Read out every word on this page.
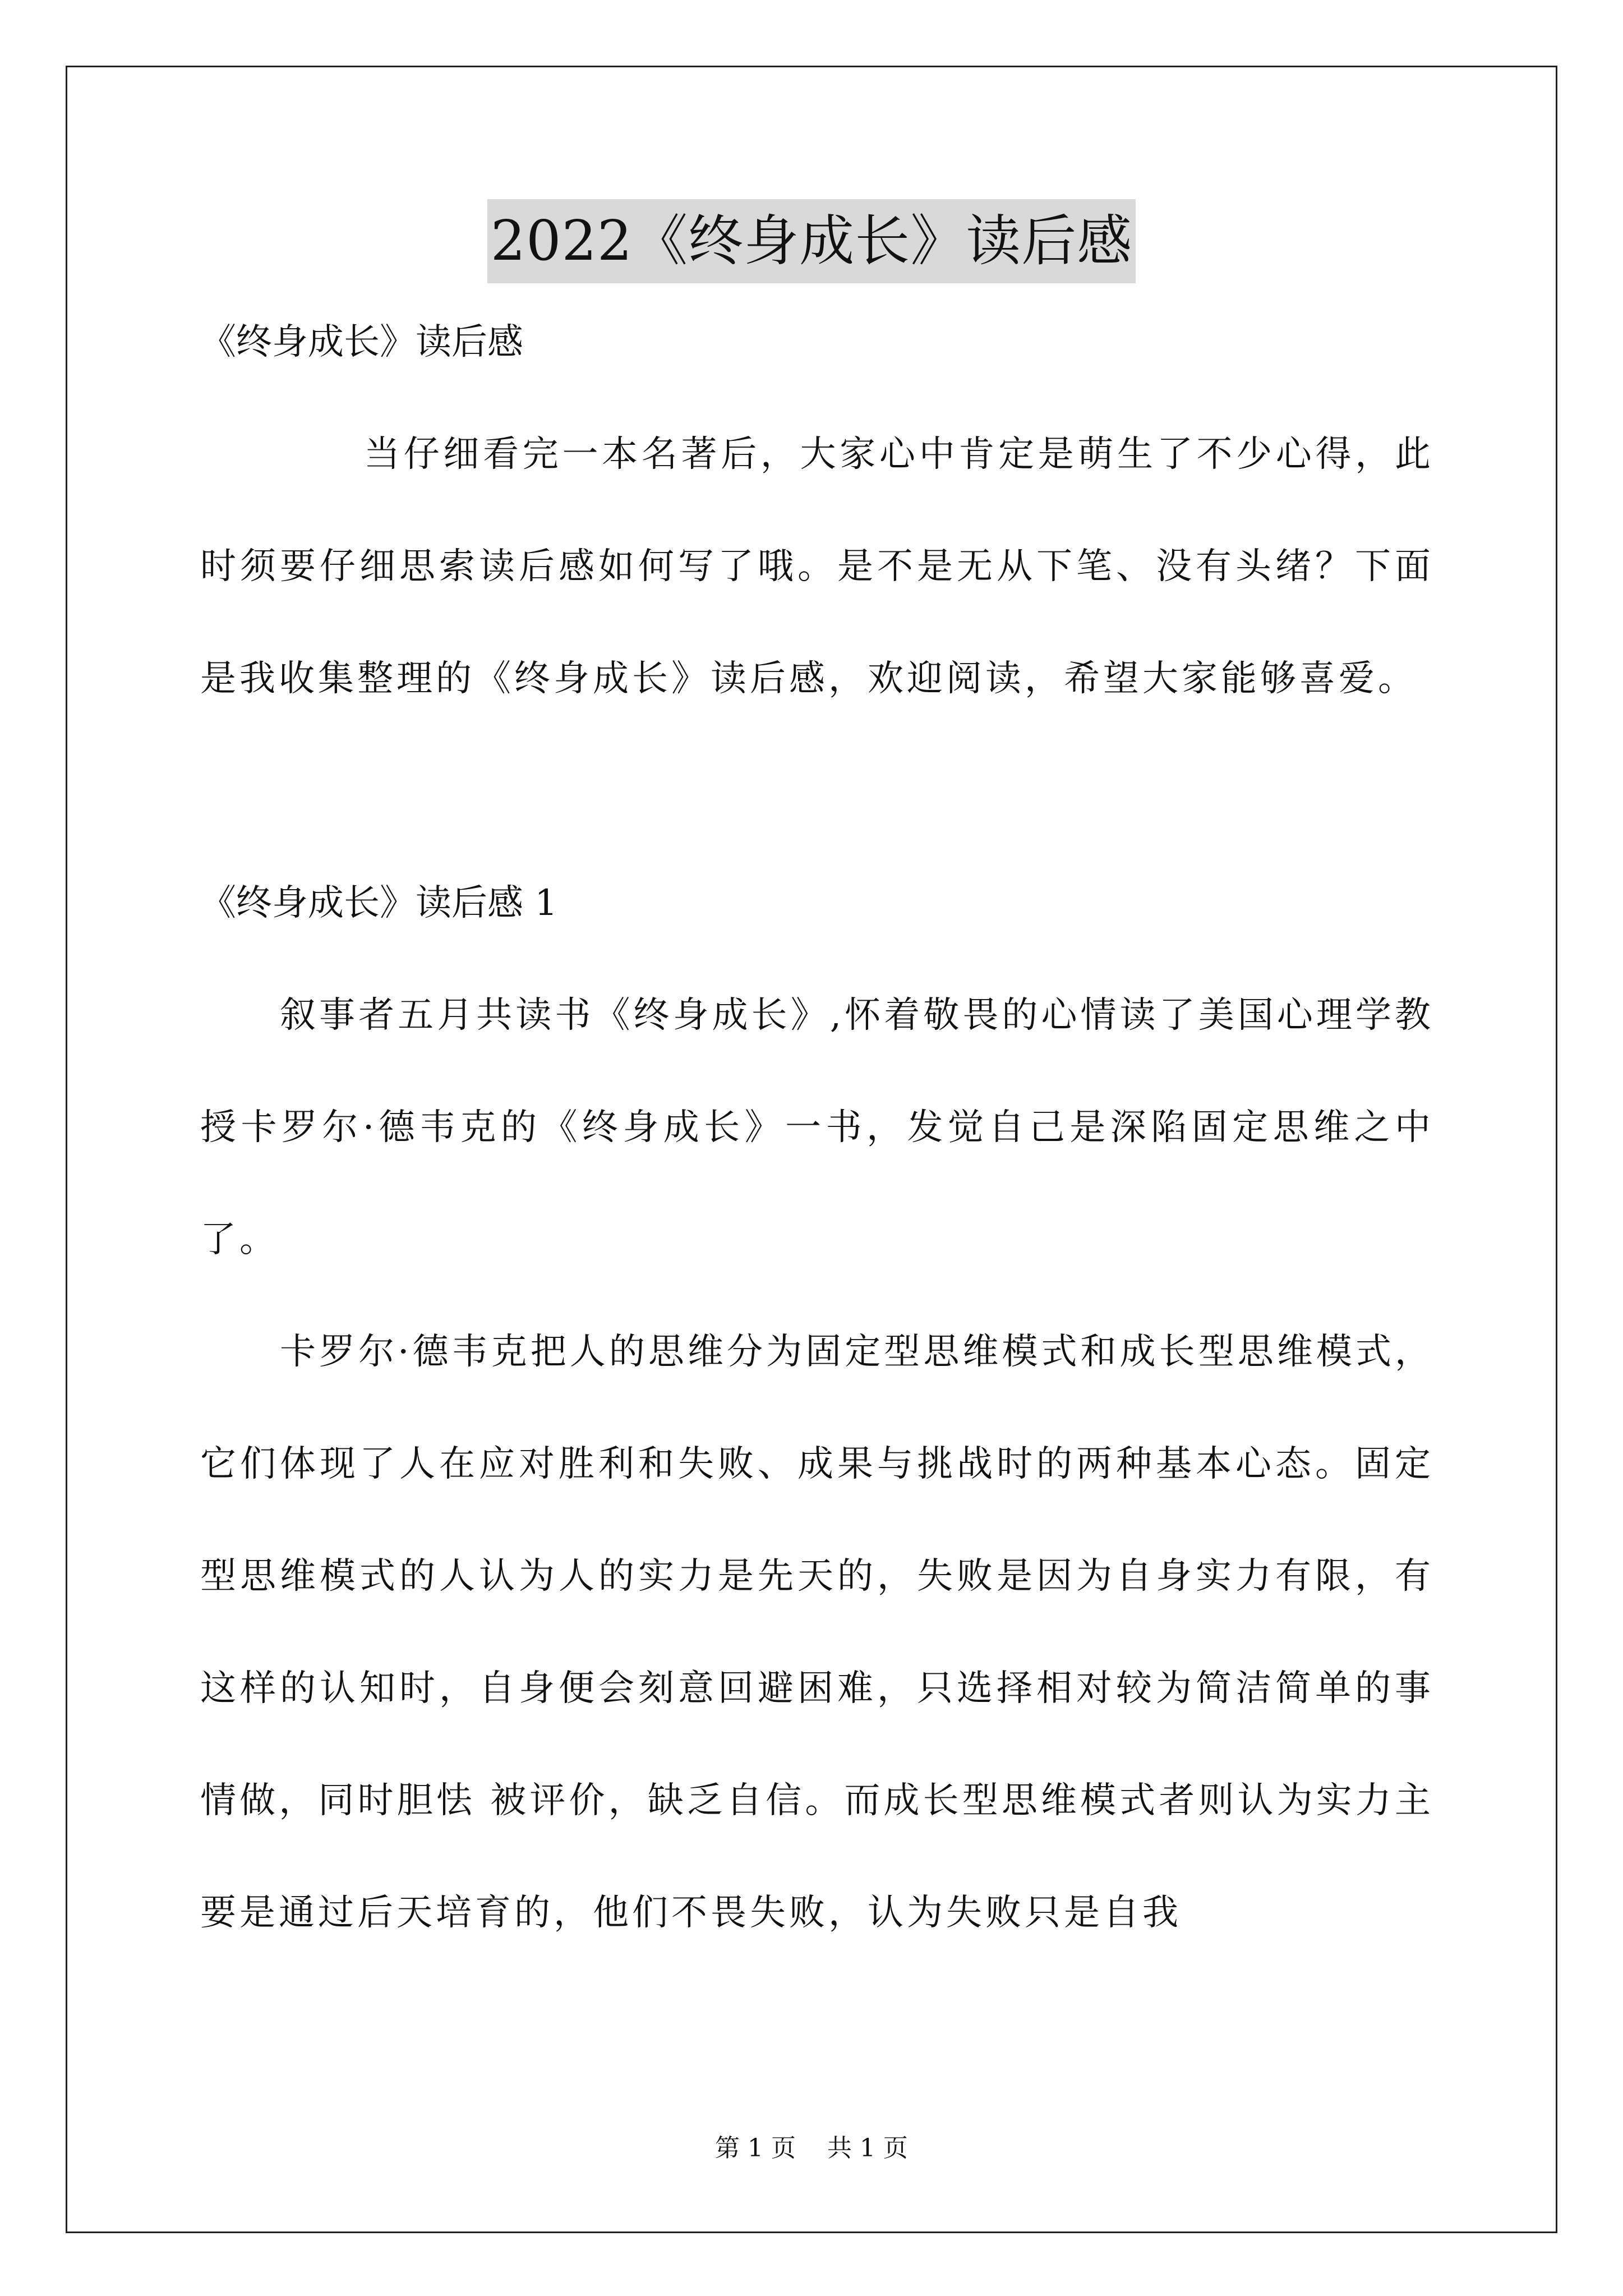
2022《终身成长》读后感

《终身成长》读后感

当仔细看完一本名著后，大家心中肯定是萌生了不少心得，此时须要仔细思索读后感如何写了哦。是不是无从下笔、没有头绪？下面是我收集整理的《终身成长》读后感，欢迎阅读，希望大家能够喜爱。

《终身成长》读后感 1

叙事者五月共读书《终身成长》,怀着敬畏的心情读了美国心理学教授卡罗尔·德韦克的《终身成长》一书，发觉自己是深陷固定思维之中了。

卡罗尔·德韦克把人的思维分为固定型思维模式和成长型思维模式，它们体现了人在应对胜利和失败、成果与挑战时的两种基本心态。固定型思维模式的人认为人的实力是先天的，失败是因为自身实力有限，有这样的认知时，自身便会刻意回避困难，只选择相对较为简洁简单的事情做，同时胆怯 被评价，缺乏自信。而成长型思维模式者则认为实力主要是通过后天培育的，他们不畏失败，认为失败只是自我

第 1 页    共 1 页
